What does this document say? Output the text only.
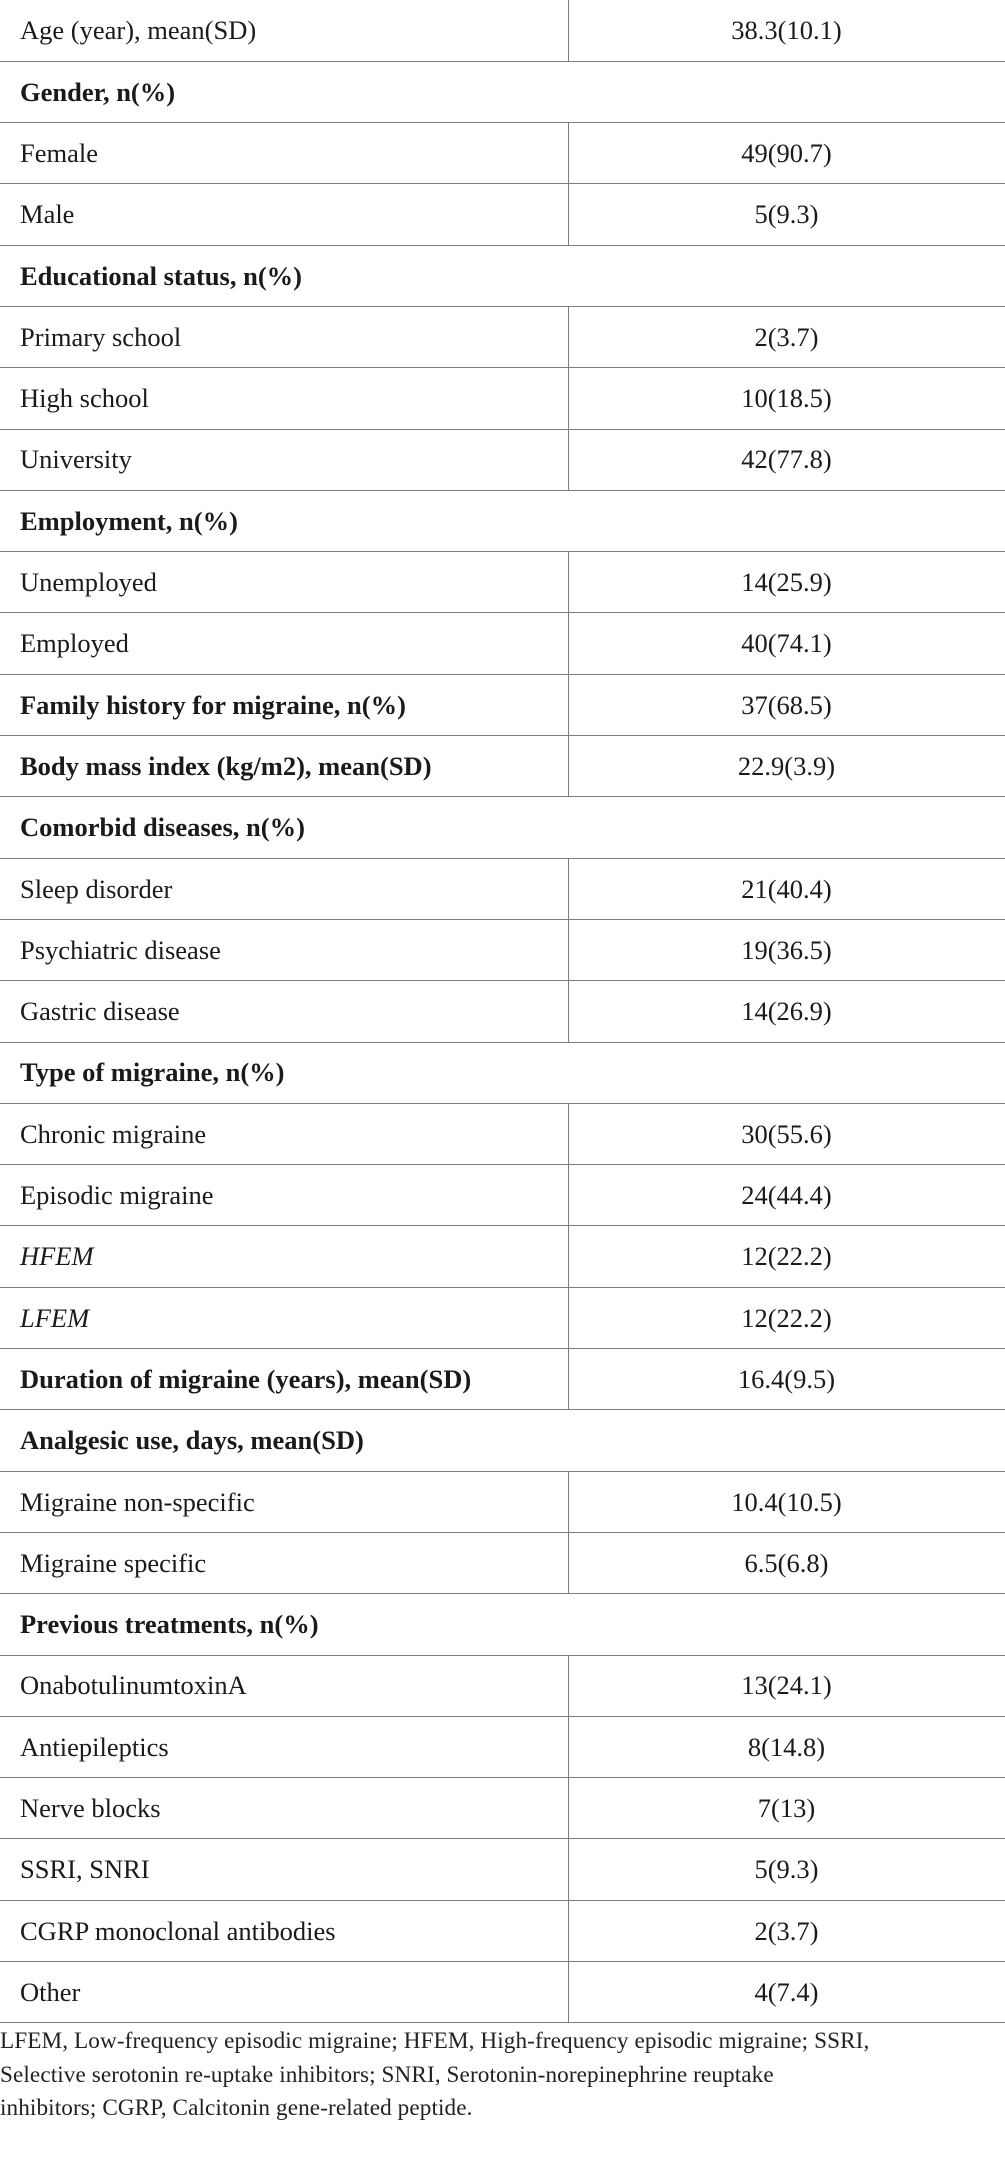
Age (year), mean(SD)	38.3(10.1)
Gender, n(%)	
Female	49(90.7)
Male	5(9.3)
Educational status, n(%)	
Primary school	2(3.7)
High school	10(18.5)
University	42(77.8)
Employment, n(%)	
Unemployed	14(25.9)
Employed	40(74.1)
Family history for migraine, n(%)	37(68.5)
Body mass index (kg/m2), mean(SD)	22.9(3.9)
Comorbid diseases, n(%)	
Sleep disorder	21(40.4)
Psychiatric disease	19(36.5)
Gastric disease	14(26.9)
Type of migraine, n(%)	
Chronic migraine	30(55.6)
Episodic migraine	24(44.4)
HFEM	12(22.2)
LFEM	12(22.2)
Duration of migraine (years), mean(SD)	16.4(9.5)
Analgesic use, days, mean(SD)	
Migraine non-specific	10.4(10.5)
Migraine specific	6.5(6.8)
Previous treatments, n(%)	
OnabotulinumtoxinA	13(24.1)
Antiepileptics	8(14.8)
Nerve blocks	7(13)
SSRI, SNRI	5(9.3)
CGRP monoclonal antibodies	2(3.7)
Other	4(7.4)
LFEM, Low-frequency episodic migraine; HFEM, High-frequency episodic migraine; SSRI,
Selective serotonin re-uptake inhibitors; SNRI, Serotonin-norepinephrine reuptake
inhibitors; CGRP, Calcitonin gene-related peptide.
